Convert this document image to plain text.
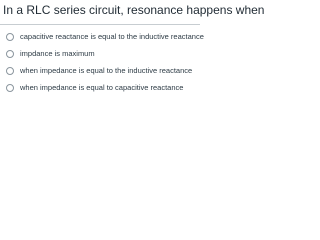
In a RLC series circuit, resonance happens when
capacitive reactance is equal to the inductive reactance
impdance is maximum
when impedance is equal to the inductive reactance
when impedance is equal to capacitive reactance
